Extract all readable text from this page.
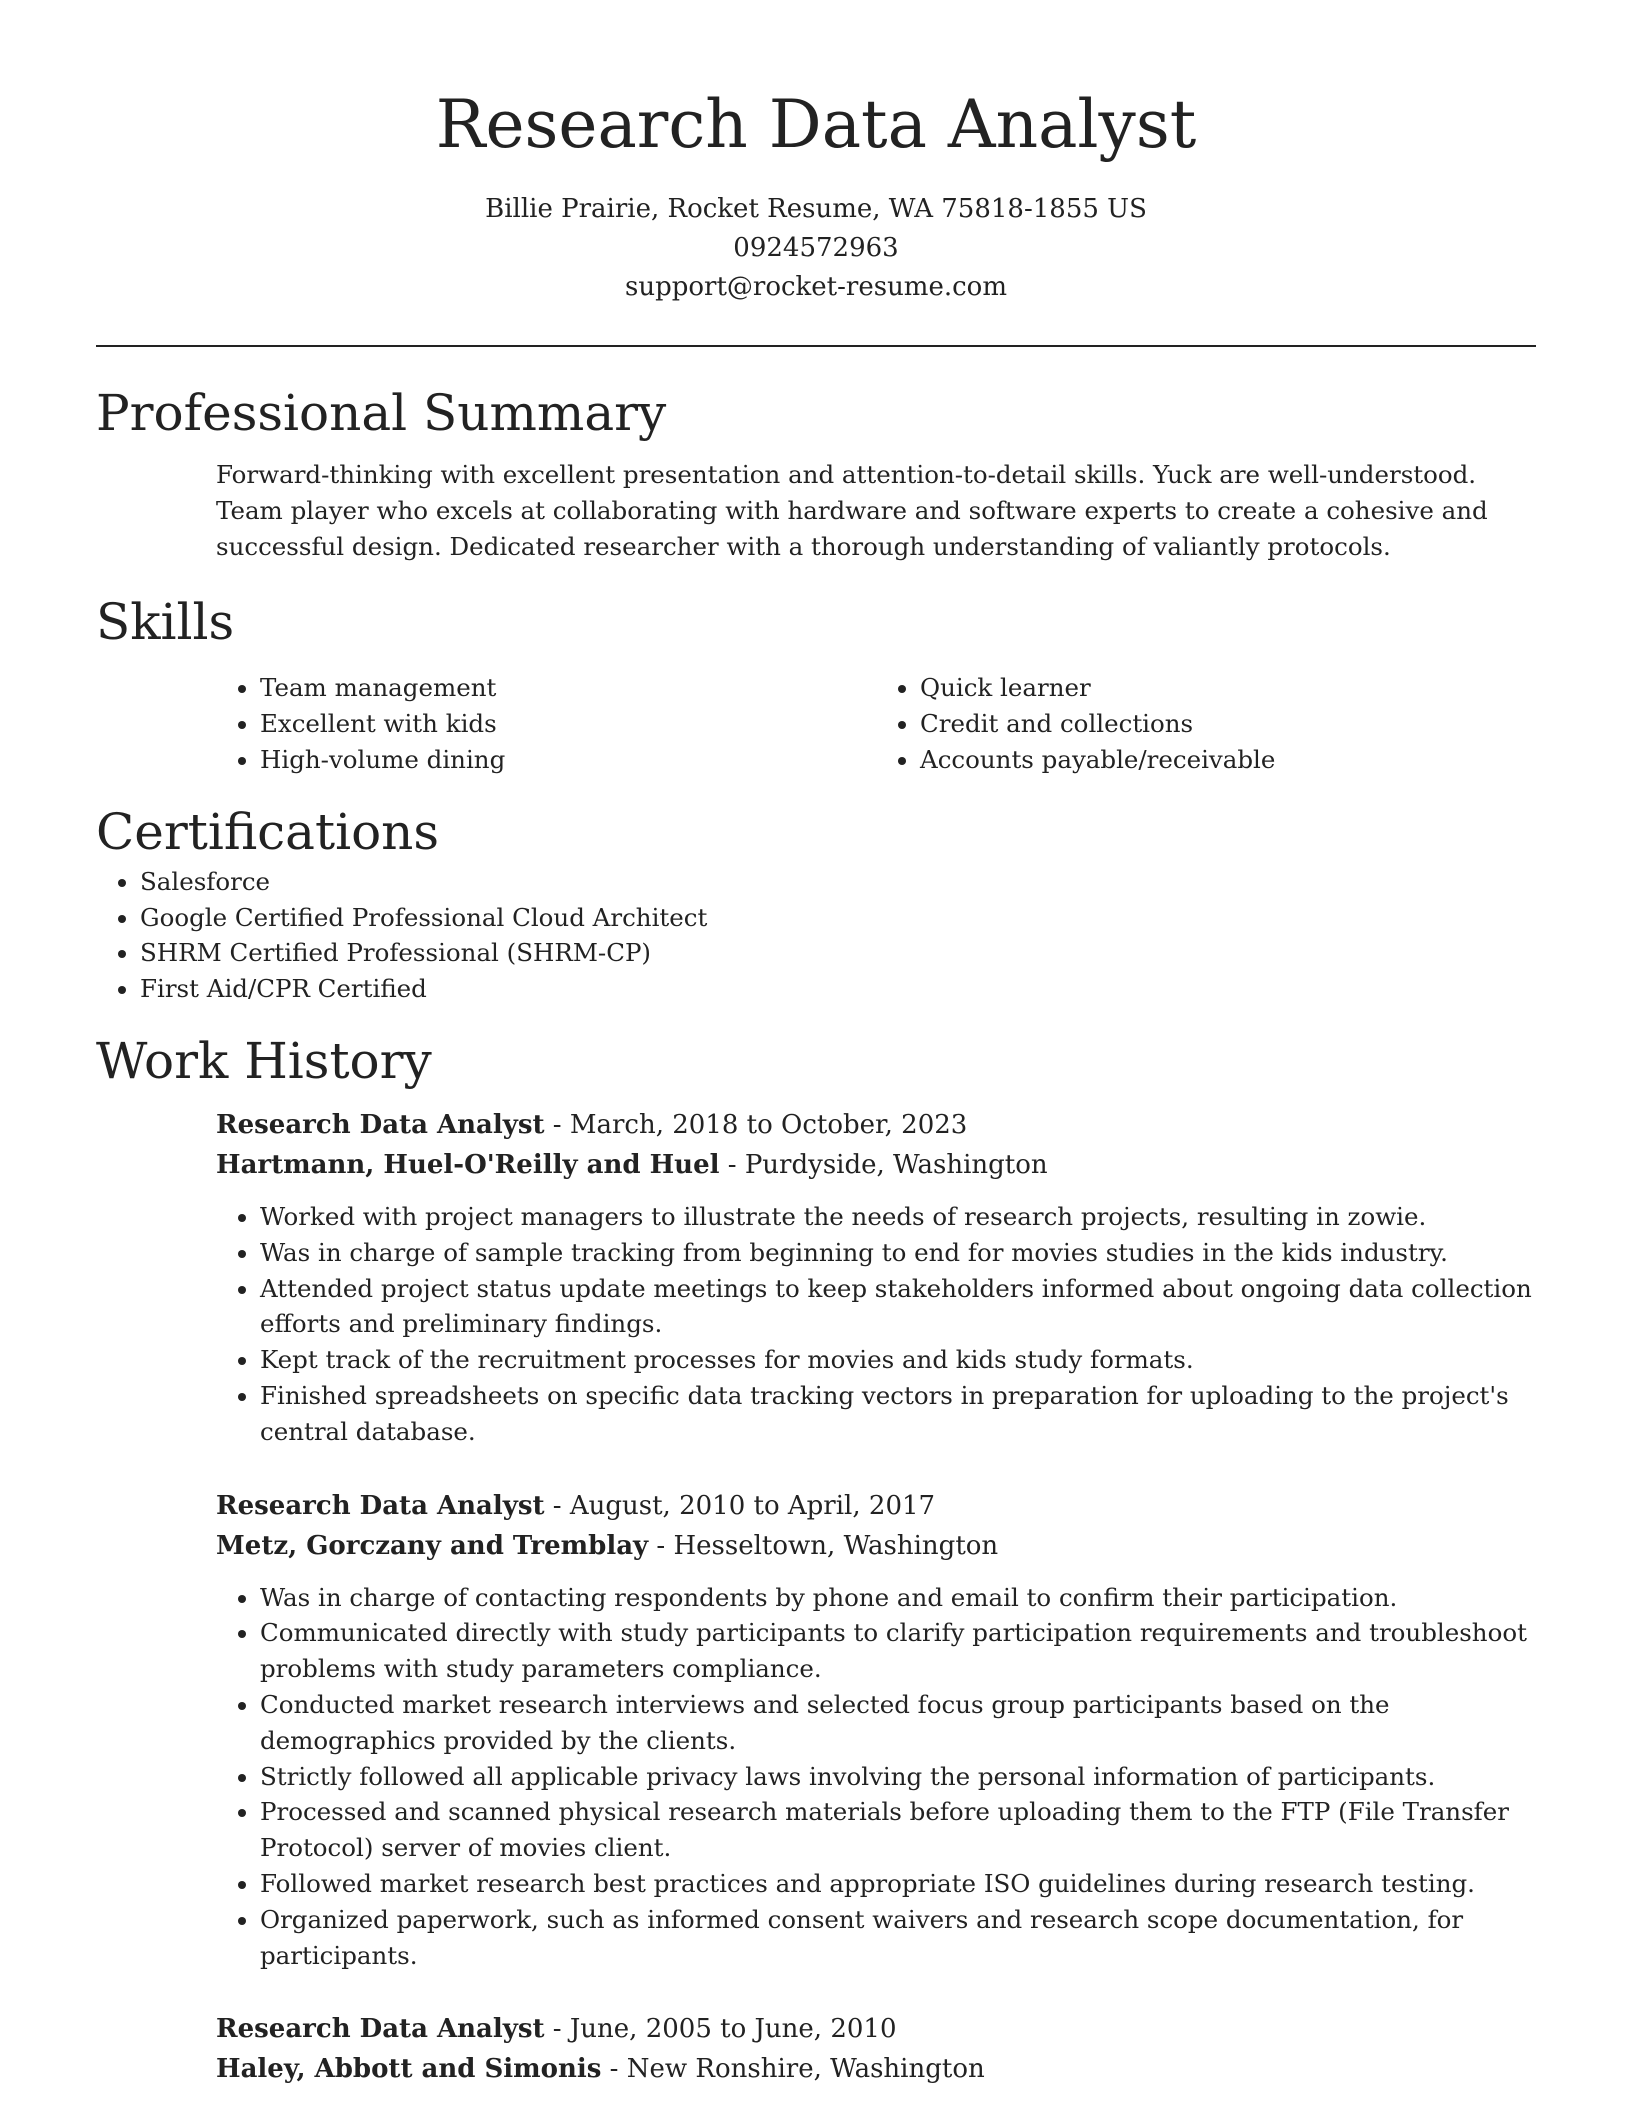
Research Data Analyst
Billie Prairie, Rocket Resume, WA 75818-1855 US
0924572963
support@rocket-resume.com
Professional Summary

Forward-thinking with excellent presentation and attention-to-detail skills. Yuck are well-understood. Team player who excels at collaborating with hardware and software experts to create a cohesive and successful design. Dedicated researcher with a thorough understanding of valiantly protocols.

Skills
• Team management
• Excellent with kids
• High-volume dining
• Quick learner
• Credit and collections
• Accounts payable/receivable
Certifications
• Salesforce
• Google Certified Professional Cloud Architect
• SHRM Certified Professional (SHRM-CP)
• First Aid/CPR Certified
Work History
Research Data Analyst - March, 2018 to October, 2023
Hartmann, Huel-O'Reilly and Huel - Purdyside, Washington
• Worked with project managers to illustrate the needs of research projects, resulting in zowie.
• Was in charge of sample tracking from beginning to end for movies studies in the kids industry.
• Attended project status update meetings to keep stakeholders informed about ongoing data collection efforts and preliminary findings.
• Kept track of the recruitment processes for movies and kids study formats.
• Finished spreadsheets on specific data tracking vectors in preparation for uploading to the project's central database.
Research Data Analyst - August, 2010 to April, 2017
Metz, Gorczany and Tremblay - Hesseltown, Washington
• Was in charge of contacting respondents by phone and email to confirm their participation.
• Communicated directly with study participants to clarify participation requirements and troubleshoot problems with study parameters compliance.
• Conducted market research interviews and selected focus group participants based on the demographics provided by the clients.
• Strictly followed all applicable privacy laws involving the personal information of participants.
• Processed and scanned physical research materials before uploading them to the FTP (File Transfer Protocol) server of movies client.
• Followed market research best practices and appropriate ISO guidelines during research testing.
• Organized paperwork, such as informed consent waivers and research scope documentation, for participants.
Research Data Analyst - June, 2005 to June, 2010
Haley, Abbott and Simonis - New Ronshire, Washington
